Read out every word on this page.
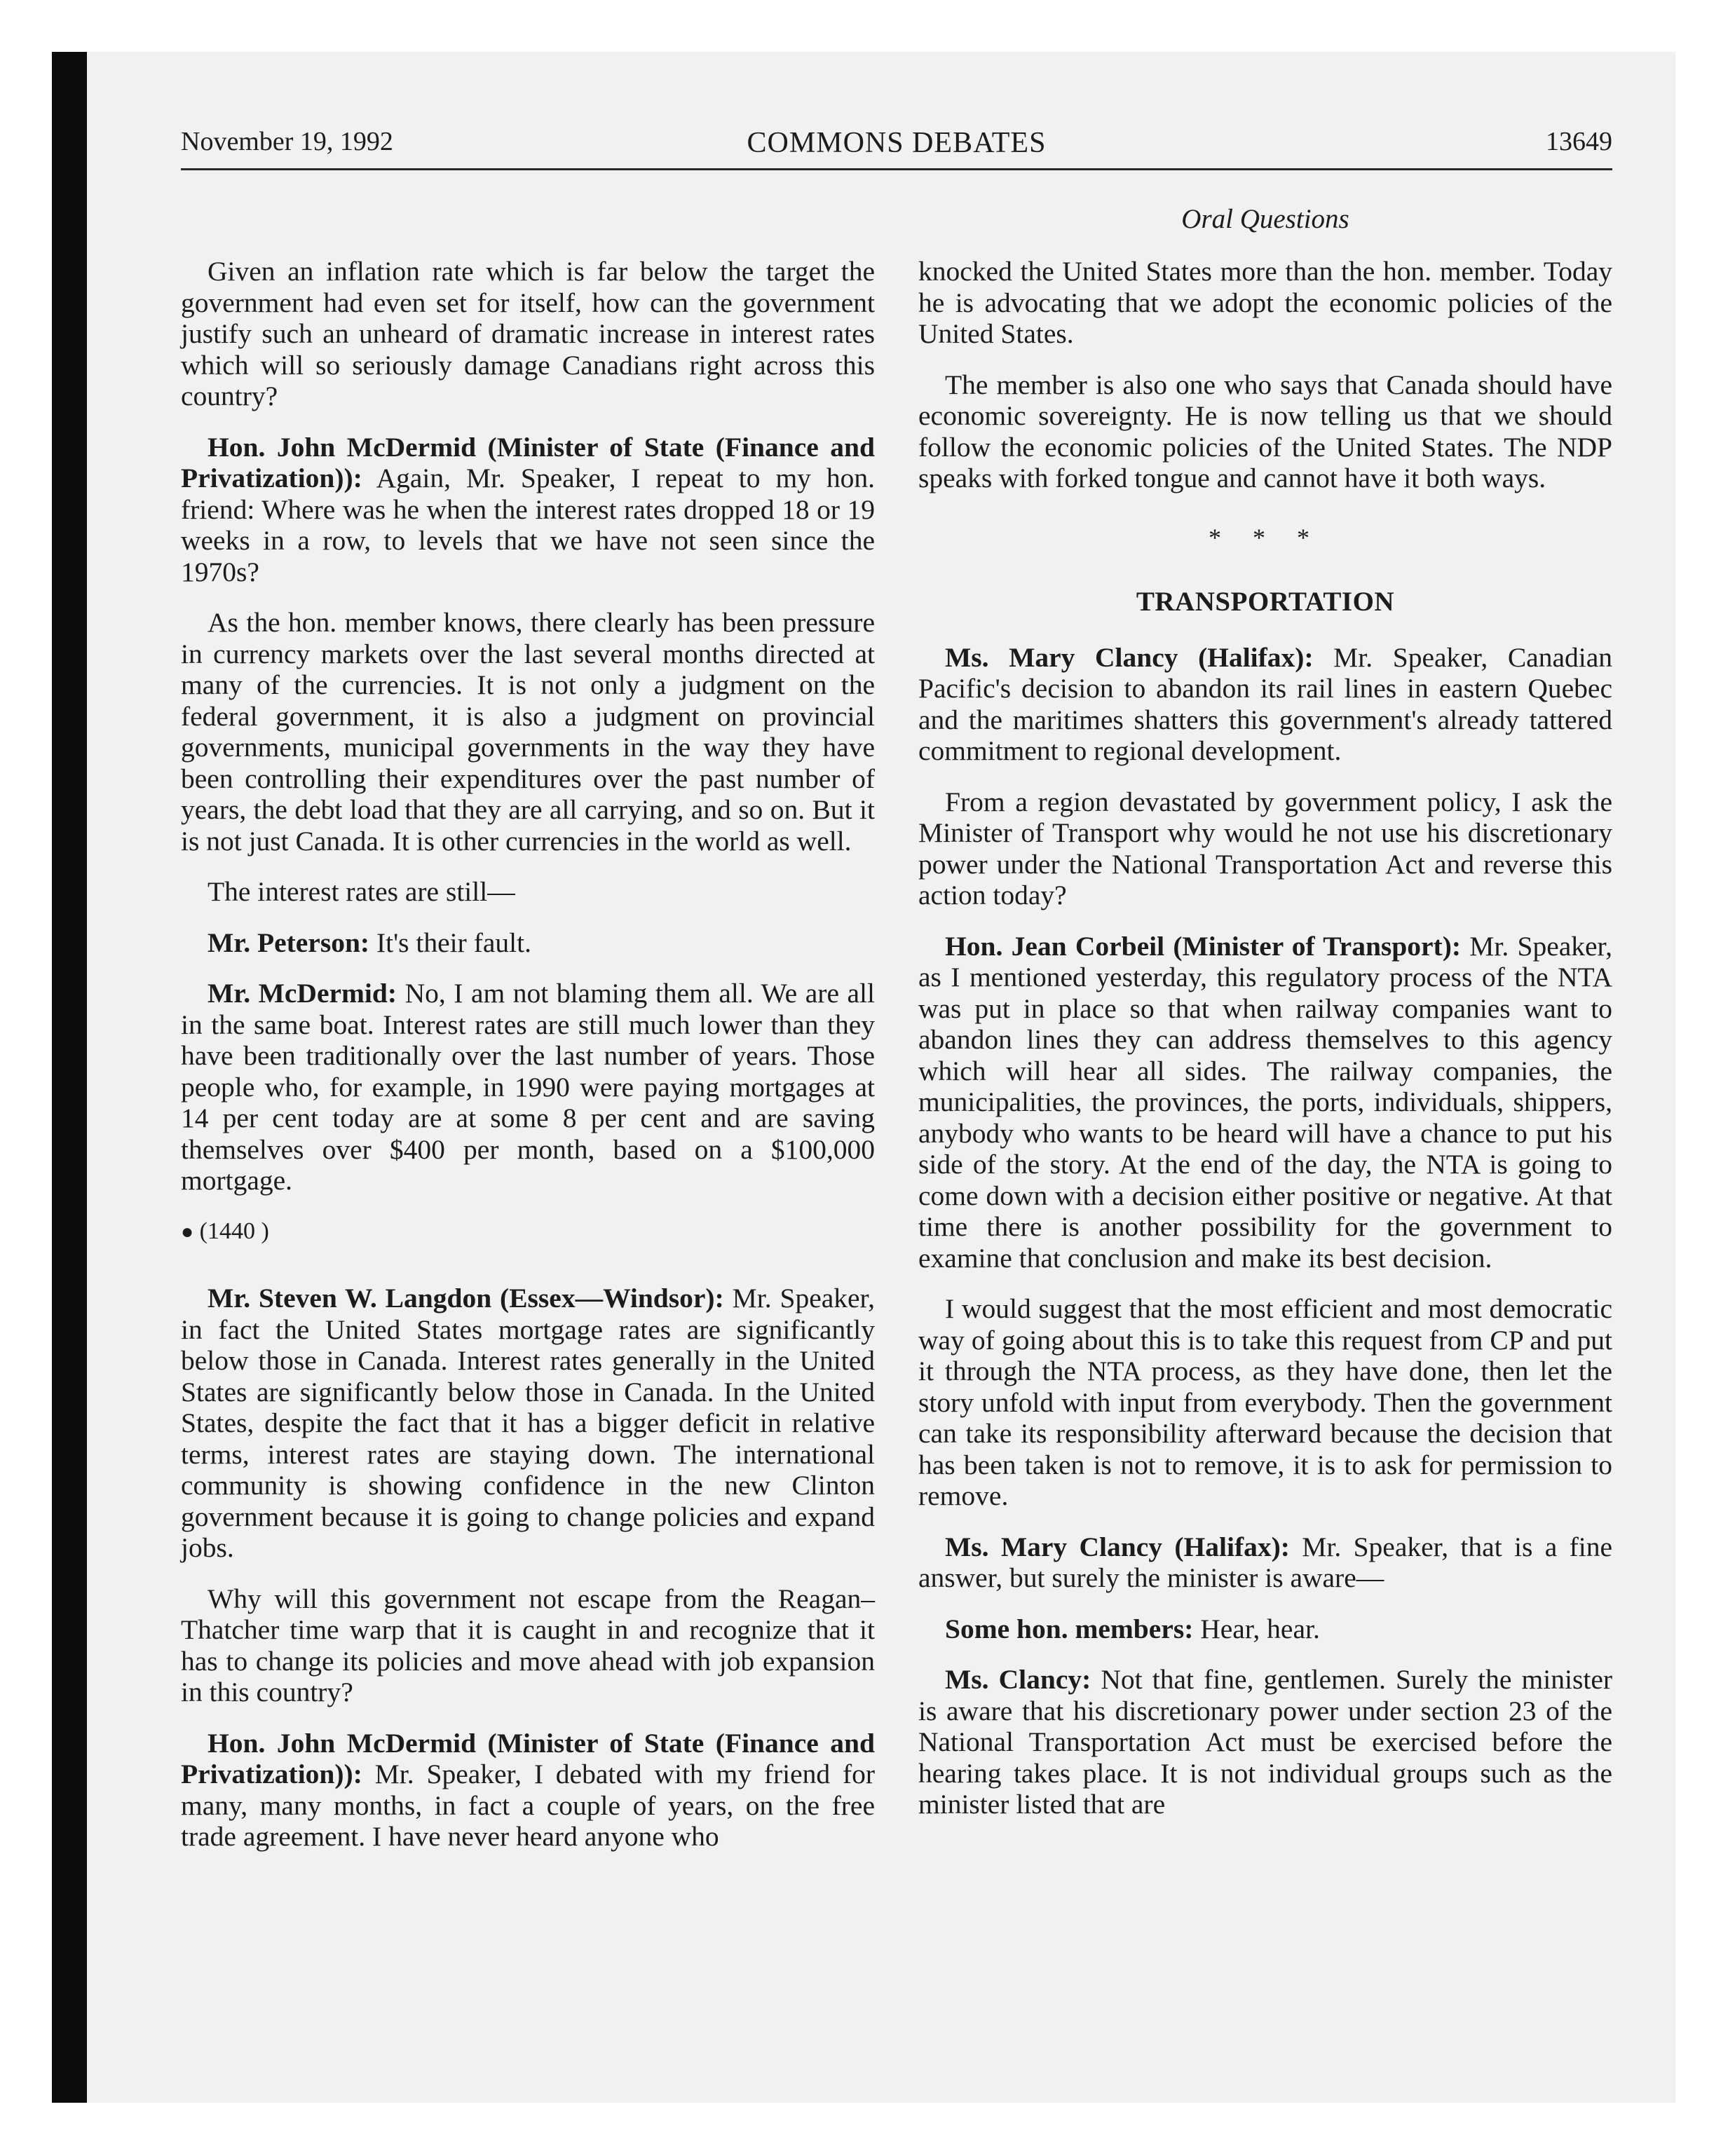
November 19, 1992	COMMONS DEBATES	13649
Oral Questions

Given an inflation rate which is far below the target the government had even set for itself, how can the government justify such an unheard of dramatic increase in interest rates which will so seriously damage Canadians right across this country?

Hon. John McDermid (Minister of State (Finance and Privatization)): Again, Mr. Speaker, I repeat to my hon. friend: Where was he when the interest rates dropped 18 or 19 weeks in a row, to levels that we have not seen since the 1970s?

As the hon. member knows, there clearly has been pressure in currency markets over the last several months directed at many of the currencies. It is not only a judgment on the federal government, it is also a judgment on provincial governments, municipal governments in the way they have been controlling their expenditures over the past number of years, the debt load that they are all carrying, and so on. But it is not just Canada. It is other currencies in the world as well.

The interest rates are still—

Mr. Peterson: It's their fault.

Mr. McDermid: No, I am not blaming them all. We are all in the same boat. Interest rates are still much lower than they have been traditionally over the last number of years. Those people who, for example, in 1990 were paying mortgages at 14 per cent today are at some 8 per cent and are saving themselves over $400 per month, based on a $100,000 mortgage.

● (1440 )

Mr. Steven W. Langdon (Essex—Windsor): Mr. Speaker, in fact the United States mortgage rates are significantly below those in Canada. Interest rates generally in the United States are significantly below those in Canada. In the United States, despite the fact that it has a bigger deficit in relative terms, interest rates are staying down. The international community is showing confidence in the new Clinton government because it is going to change policies and expand jobs.

Why will this government not escape from the Reagan–Thatcher time warp that it is caught in and recognize that it has to change its policies and move ahead with job expansion in this country?

Hon. John McDermid (Minister of State (Finance and Privatization)): Mr. Speaker, I debated with my friend for many, many months, in fact a couple of years, on the free trade agreement. I have never heard anyone who

knocked the United States more than the hon. member. Today he is advocating that we adopt the economic policies of the United States.

The member is also one who says that Canada should have economic sovereignty. He is now telling us that we should follow the economic policies of the United States. The NDP speaks with forked tongue and cannot have it both ways.

* * *
TRANSPORTATION

Ms. Mary Clancy (Halifax): Mr. Speaker, Canadian Pacific's decision to abandon its rail lines in eastern Quebec and the maritimes shatters this government's already tattered commitment to regional development.

From a region devastated by government policy, I ask the Minister of Transport why would he not use his discretionary power under the National Transportation Act and reverse this action today?

Hon. Jean Corbeil (Minister of Transport): Mr. Speaker, as I mentioned yesterday, this regulatory process of the NTA was put in place so that when railway companies want to abandon lines they can address themselves to this agency which will hear all sides. The railway companies, the municipalities, the provinces, the ports, individuals, shippers, anybody who wants to be heard will have a chance to put his side of the story. At the end of the day, the NTA is going to come down with a decision either positive or negative. At that time there is another possibility for the government to examine that conclusion and make its best decision.

I would suggest that the most efficient and most democratic way of going about this is to take this request from CP and put it through the NTA process, as they have done, then let the story unfold with input from everybody. Then the government can take its responsibility afterward because the decision that has been taken is not to remove, it is to ask for permission to remove.

Ms. Mary Clancy (Halifax): Mr. Speaker, that is a fine answer, but surely the minister is aware—

Some hon. members: Hear, hear.

Ms. Clancy: Not that fine, gentlemen. Surely the minister is aware that his discretionary power under section 23 of the National Transportation Act must be exercised before the hearing takes place. It is not individual groups such as the minister listed that are
